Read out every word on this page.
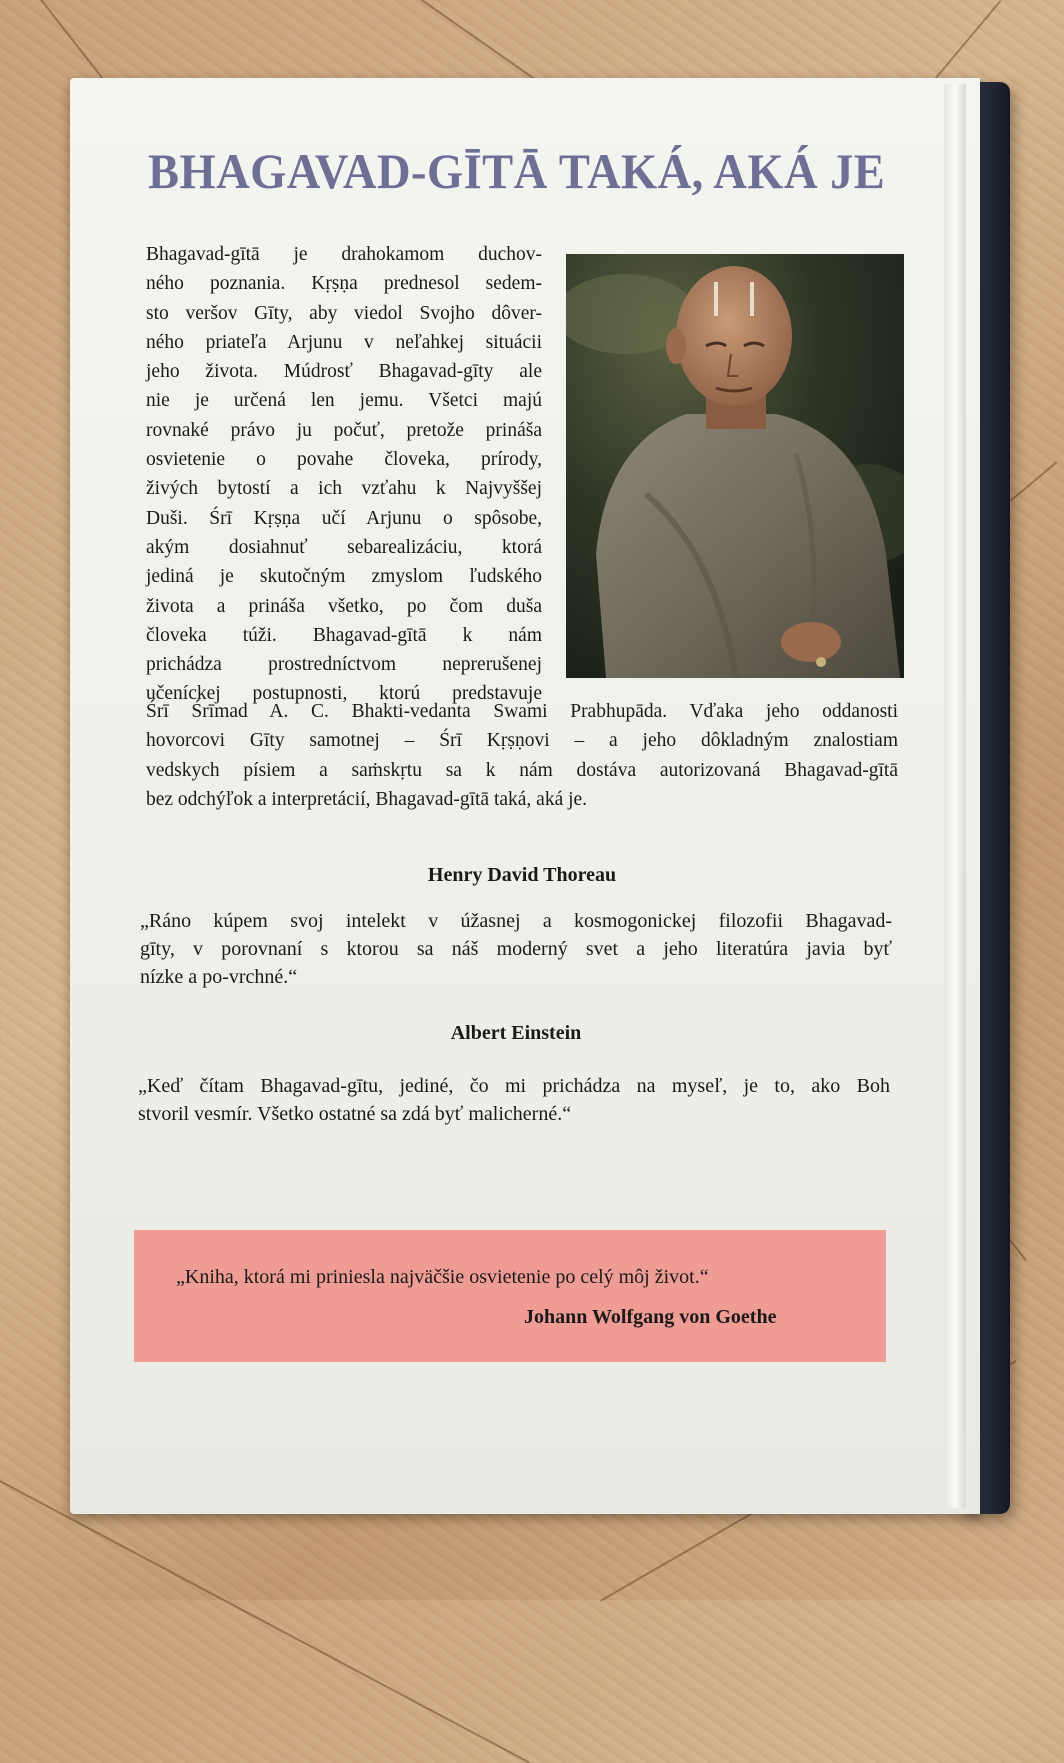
BHAGAVAD-GĪTĀ TAKÁ, AKÁ JE
Bhagavad-gītā je drahokamom duchov-
ného poznania. Kṛṣṇa prednesol sedem-
sto veršov Gīty, aby viedol Svojho dôver-
ného priateľa Arjunu v neľahkej situácii
jeho života. Múdrosť Bhagavad-gīty ale
nie je určená len jemu. Všetci majú
rovnaké právo ju počuť, pretože prináša
osvietenie o povahe človeka, prírody,
živých bytostí a ich vzťahu k Najvyššej
Duši. Śrī Kṛṣṇa učí Arjunu o spôsobe,
akým dosiahnuť sebarealizáciu, ktorá
jediná je skutočným zmyslom ľudského
života a prináša všetko, po čom duša
človeka túži. Bhagavad-gītā k nám
prichádza prostredníctvom neprerušenej
učeníckej postupnosti, ktorú predstavuje
Śrī Śrīmad A. C. Bhakti-vedanta Swami Prabhupāda. Vďaka jeho oddanosti
hovorcovi Gīty samotnej – Śrī Kṛṣṇovi – a jeho dôkladným znalostiam
vedskych písiem a saṁskṛtu sa k nám dostáva autorizovaná Bhagavad-gītā
bez odchýľok a interpretácií, Bhagavad-gītā taká, aká je.
Henry David Thoreau
„Ráno kúpem svoj intelekt v úžasnej a kosmogonickej filozofii Bhagavad-
gīty, v porovnaní s ktorou sa náš moderný svet a jeho literatúra javia byť
nízke a po-vrchné.“
Albert Einstein
„Keď čítam Bhagavad-gītu, jediné, čo mi prichádza na myseľ, je to, ako Boh
stvoril vesmír. Všetko ostatné sa zdá byť malicherné.“
„Kniha, ktorá mi priniesla najväčšie osvietenie po celý môj život.“
Johann Wolfgang von Goethe
